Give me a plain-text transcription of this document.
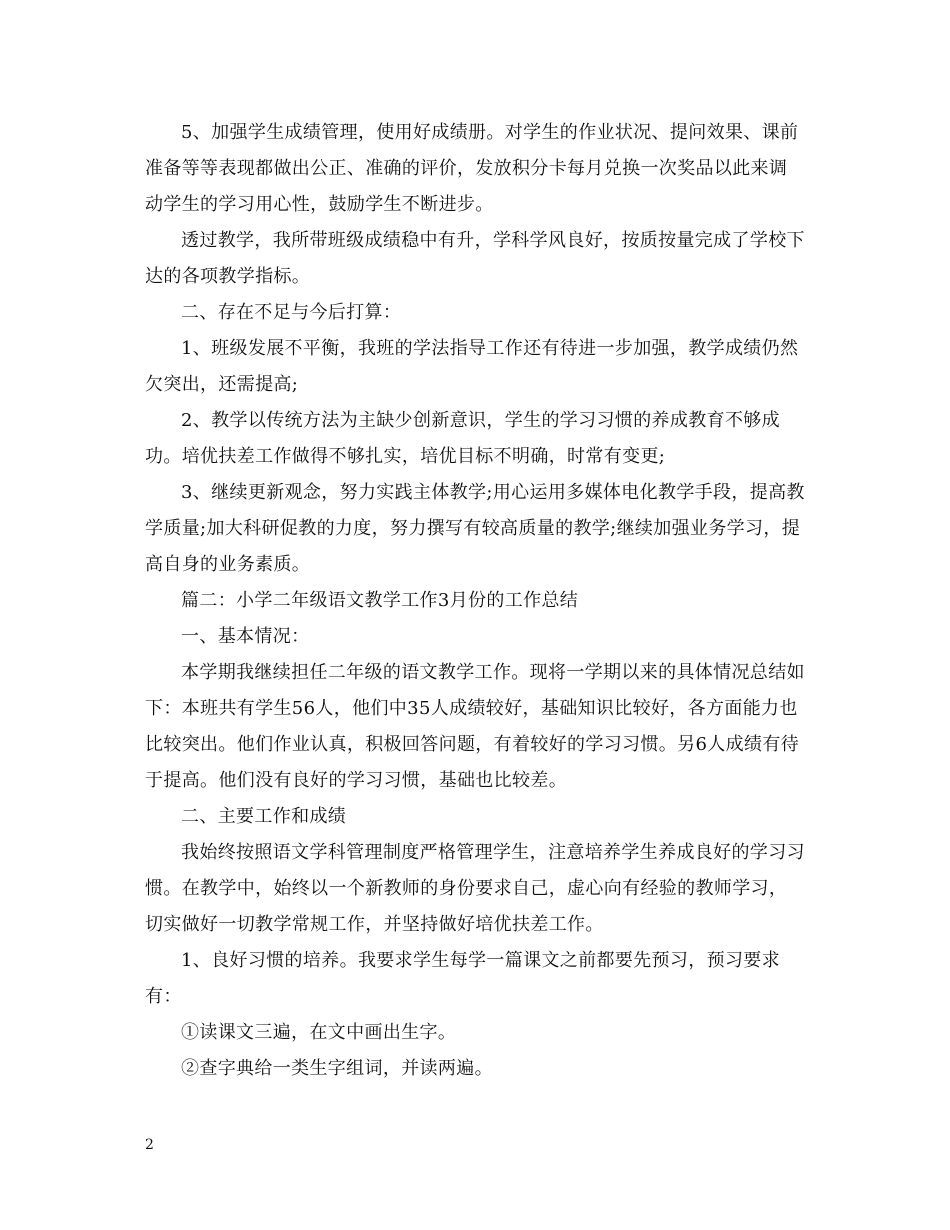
5、加强学生成绩管理，使用好成绩册。对学生的作业状况、提问效果、课前准备等等表现都做出公正、准确的评价，发放积分卡每月兑换一次奖品以此来调动学生的学习用心性，鼓励学生不断进步。

透过教学，我所带班级成绩稳中有升，学科学风良好，按质按量完成了学校下达的各项教学指标。

二、存在不足与今后打算：

1、班级发展不平衡，我班的学法指导工作还有待进一步加强，教学成绩仍然欠突出，还需提高;

2、教学以传统方法为主缺少创新意识，学生的学习习惯的养成教育不够成功。培优扶差工作做得不够扎实，培优目标不明确，时常有变更;

3、继续更新观念，努力实践主体教学;用心运用多媒体电化教学手段，提高教学质量;加大科研促教的力度，努力撰写有较高质量的教学;继续加强业务学习，提高自身的业务素质。

篇二：小学二年级语文教学工作3月份的工作总结

一、基本情况：

本学期我继续担任二年级的语文教学工作。现将一学期以来的具体情况总结如下：本班共有学生56人，他们中35人成绩较好，基础知识比较好，各方面能力也比较突出。他们作业认真，积极回答问题，有着较好的学习习惯。另6人成绩有待于提高。他们没有良好的学习习惯，基础也比较差。

二、主要工作和成绩

我始终按照语文学科管理制度严格管理学生，注意培养学生养成良好的学习习惯。在教学中，始终以一个新教师的身份要求自己，虚心向有经验的教师学习，切实做好一切教学常规工作，并坚持做好培优扶差工作。

1、良好习惯的培养。我要求学生每学一篇课文之前都要先预习，预习要求有：

①读课文三遍，在文中画出生字。

②查字典给一类生字组词，并读两遍。

2
